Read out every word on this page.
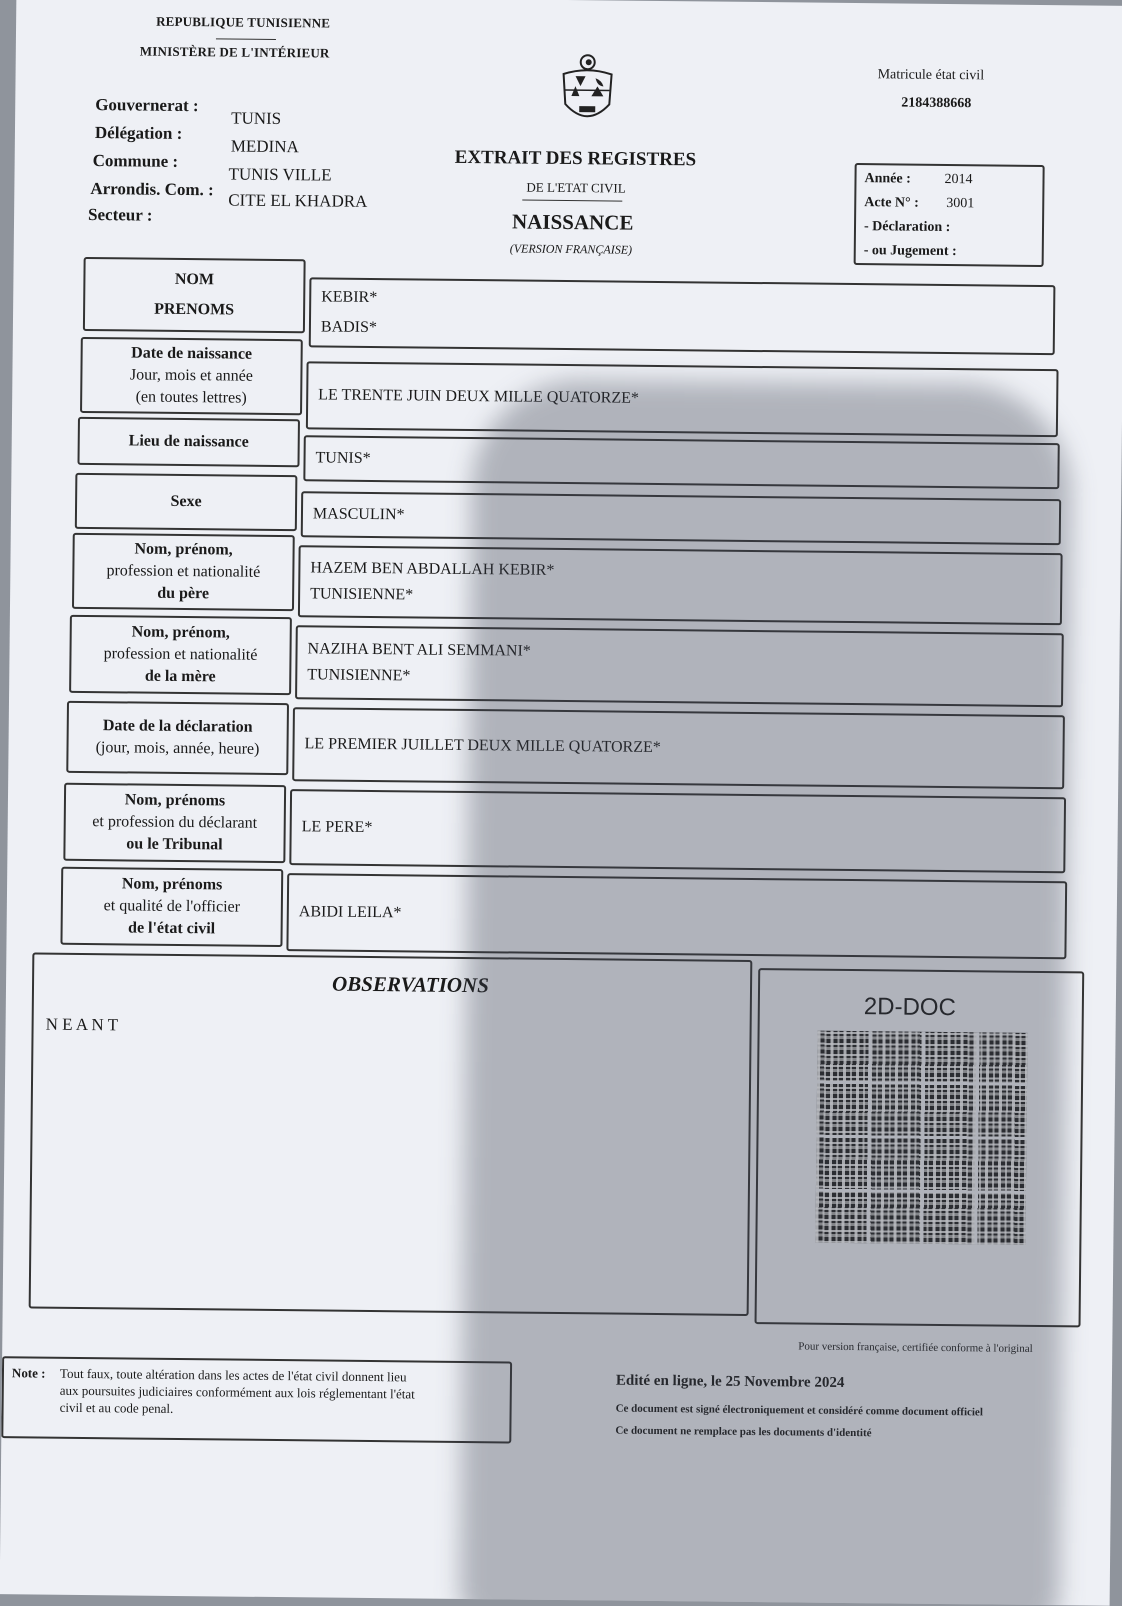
REPUBLIQUE TUNISIENNE
MINISTÈRE DE L'INTÉRIEUR
Matricule état civil
2184388668
Gouvernerat :
TUNIS
Délégation :
MEDINA
Commune :
TUNIS VILLE
Arrondis. Com. :
CITE EL KHADRA
Secteur :
EXTRAIT DES REGISTRES
DE L'ETAT CIVIL
NAISSANCE
(VERSION FRANÇAISE)
Année : 2014
Acte N° : 3001
- Déclaration :
- ou Jugement :
NOM
PRENOMS
KEBIR*
BADIS*
Date de naissance
Jour, mois et année
(en toutes lettres)	LE TRENTE JUIN DEUX MILLE QUATORZE*
Lieu de naissance
TUNIS*
Sexe
MASCULIN*
Nom, prénom,
profession et nationalité
du père
HAZEM BEN ABDALLAH KEBIR*
TUNISIENNE*
Nom, prénom,
profession et nationalité
de la mère
NAZIHA BENT ALI SEMMANI*
TUNISIENNE*
Date de la déclaration
(jour, mois, année, heure)	LE PREMIER JUILLET DEUX MILLE QUATORZE*
Nom, prénoms
et profession du déclarant
ou le Tribunal
LE PERE*
Nom, prénoms
et qualité de l'officier
de l'état civil
ABIDI LEILA*
OBSERVATIONS
N E A N T
2D-DOC
Pour version française, certifiée conforme à l'original
Note : Tout faux, toute altération dans les actes de l'état civil donnent lieu
aux poursuites judiciaires conformément aux lois réglementant l'état
civil et au code penal.
Edité en ligne, le 25 Novembre 2024
Ce document est signé électroniquement et considéré comme document officiel
Ce document ne remplace pas les documents d'identité
